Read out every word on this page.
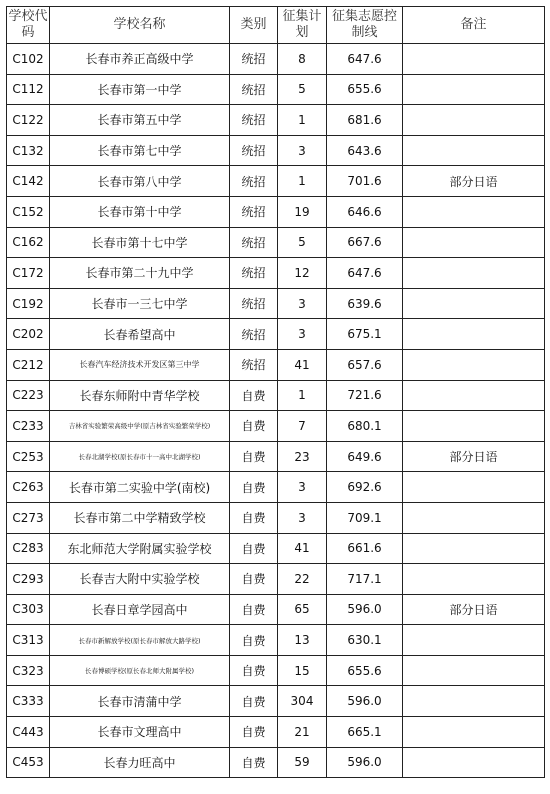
学校代码	学校名称	类别	征集计划	征集志愿控制线	备注
C102	长春市养正高级中学	统招	8	647.6	
C112	长春市第一中学	统招	5	655.6	
C122	长春市第五中学	统招	1	681.6	
C132	长春市第七中学	统招	3	643.6	
C142	长春市第八中学	统招	1	701.6	部分日语
C152	长春市第十中学	统招	19	646.6	
C162	长春市第十七中学	统招	5	667.6	
C172	长春市第二十九中学	统招	12	647.6	
C192	长春市一三七中学	统招	3	639.6	
C202	长春希望高中	统招	3	675.1	
C212	长春汽车经济技术开发区第三中学	统招	41	657.6	
C223	长春东师附中青华学校	自费	1	721.6	
C233	吉林省实验繁荣高级中学(原吉林省实验繁荣学校)	自费	7	680.1	
C253	长春北湖学校(原长春市十一高中北湖学校)	自费	23	649.6	部分日语
C263	长春市第二实验中学(南校)	自费	3	692.6	
C273	长春市第二中学精致学校	自费	3	709.1	
C283	东北师范大学附属实验学校	自费	41	661.6	
C293	长春吉大附中实验学校	自费	22	717.1	
C303	长春日章学园高中	自费	65	596.0	部分日语
C313	长春市新解放学校(原长春市解放大路学校)	自费	13	630.1	
C323	长春博硕学校(原长春北师大附属学校)	自费	15	655.6	
C333	长春市清蒲中学	自费	304	596.0	
C443	长春市文理高中	自费	21	665.1	
C453	长春力旺高中	自费	59	596.0	
